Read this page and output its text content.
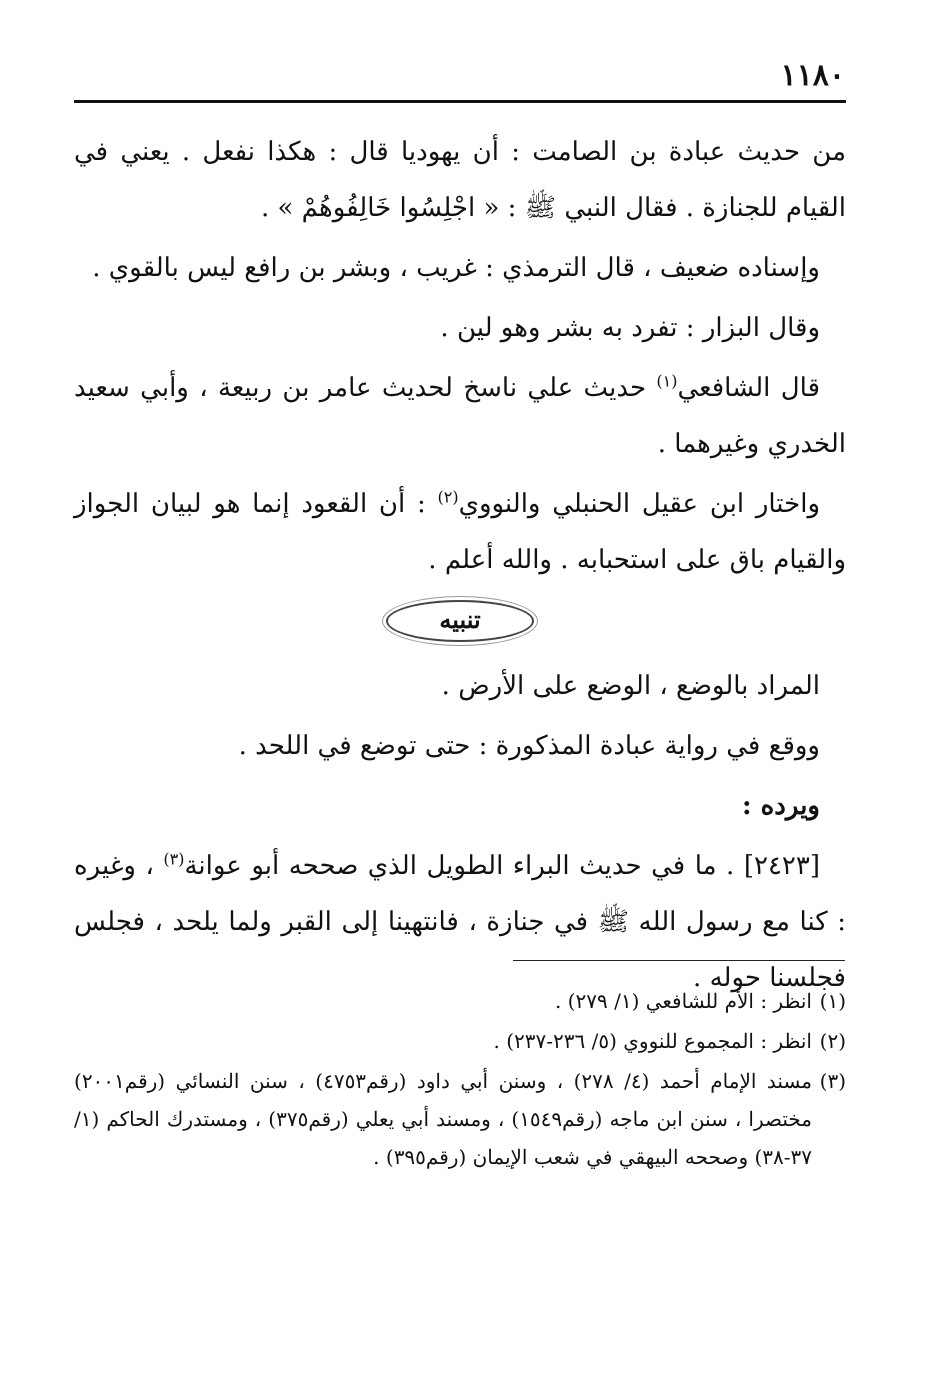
١١٨٠

من حديث عبادة بن الصامت : أن يهوديا قال : هكذا نفعل . يعني في القيام للجنازة . فقال النبي ﷺ : « اجْلِسُوا خَالِفُوهُمْ » .

وإسناده ضعيف ، قال الترمذي : غريب ، وبشر بن رافع ليس بالقوي .

وقال البزار : تفرد به بشر وهو لين .

قال الشافعي$^{(١)}$ حديث علي ناسخ لحديث عامر بن ربيعة ، وأبي سعيد الخدري وغيرهما .

واختار ابن عقيل الحنبلي والنووي$^{(٢)}$ : أن القعود إنما هو لبيان الجواز والقيام باق على استحبابه . والله أعلم .

تنبيه

المراد بالوضع ، الوضع على الأرض .

ووقع في رواية عبادة المذكورة : حتى توضع في اللحد .

ويرده :

[٢٤٢٣] . ما في حديث البراء الطويل الذي صححه أبو عوانة$^{(٣)}$ ، وغيره : كنا مع رسول الله ﷺ في جنازة ، فانتهينا إلى القبر ولما يلحد ، فجلس فجلسنا حوله .

(١)
انظر : الأم للشافعي (١/ ٢٧٩) .
(٢)
انظر : المجموع للنووي (٥/ ٢٣٦-٢٣٧) .
(٣)
مسند الإمام أحمد (٤/ ٢٧٨) ، وسنن أبي داود (رقم٤٧٥٣) ، سنن النسائي (رقم٢٠٠١) مختصرا ، سنن ابن ماجه (رقم١٥٤٩) ، ومسند أبي يعلي (رقم٣٧٥) ، ومستدرك الحاكم (١/ ٣٧-٣٨) وصححه البيهقي في شعب الإيمان (رقم٣٩٥) .
